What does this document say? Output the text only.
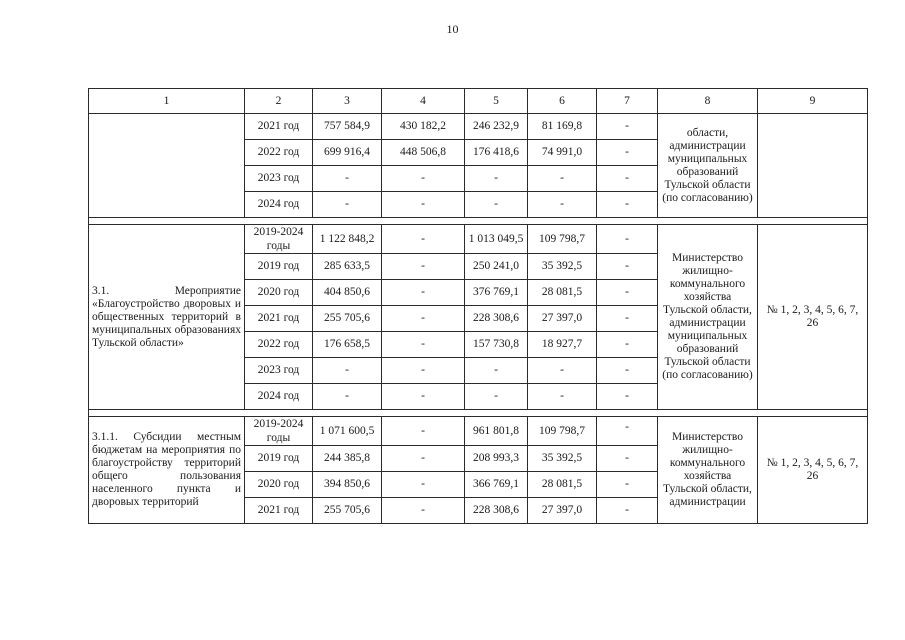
10
1	2	3	4	5	6	7	8	9
	2021 год	757 584,9	430 182,2	246 232,9	81 169,8	-	области, администрации муниципальных образований Тульской области (по согласованию)	
	2022 год	699 916,4	448 506,8	176 418,6	74 991,0	-		
	2023 год	-	-	-	-	-		
	2024 год	-	-	-	-	-		

3.1. Мероприятие «Благоустройство дворовых и общественных территорий в муниципальных образованиях Тульской области»	2019-2024 годы	1 122 848,2	-	1 013 049,5	109 798,7	-	Министерство жилищно-коммунального хозяйства Тульской области, администрации муниципальных образований Тульской области (по согласованию)	№ 1, 2, 3, 4, 5, 6, 7, 26
	2019 год	285 633,5	-	250 241,0	35 392,5	-		
	2020 год	404 850,6	-	376 769,1	28 081,5	-		
	2021 год	255 705,6	-	228 308,6	27 397,0	-		
	2022 год	176 658,5	-	157 730,8	18 927,7	-		
	2023 год	-	-	-	-	-		
	2024 год	-	-	-	-	-		

3.1.1. Субсидии местным бюджетам на мероприятия по благоустройству территорий общего пользования населенного пункта и дворовых территорий	2019-2024 годы	1 071 600,5	-	961 801,8	109 798,7	-	Министерство жилищно-коммунального хозяйства Тульской области, администрации	№ 1, 2, 3, 4, 5, 6, 7, 26
	2019 год	244 385,8	-	208 993,3	35 392,5	-		
	2020 год	394 850,6	-	366 769,1	28 081,5	-		
	2021 год	255 705,6	-	228 308,6	27 397,0	-		
